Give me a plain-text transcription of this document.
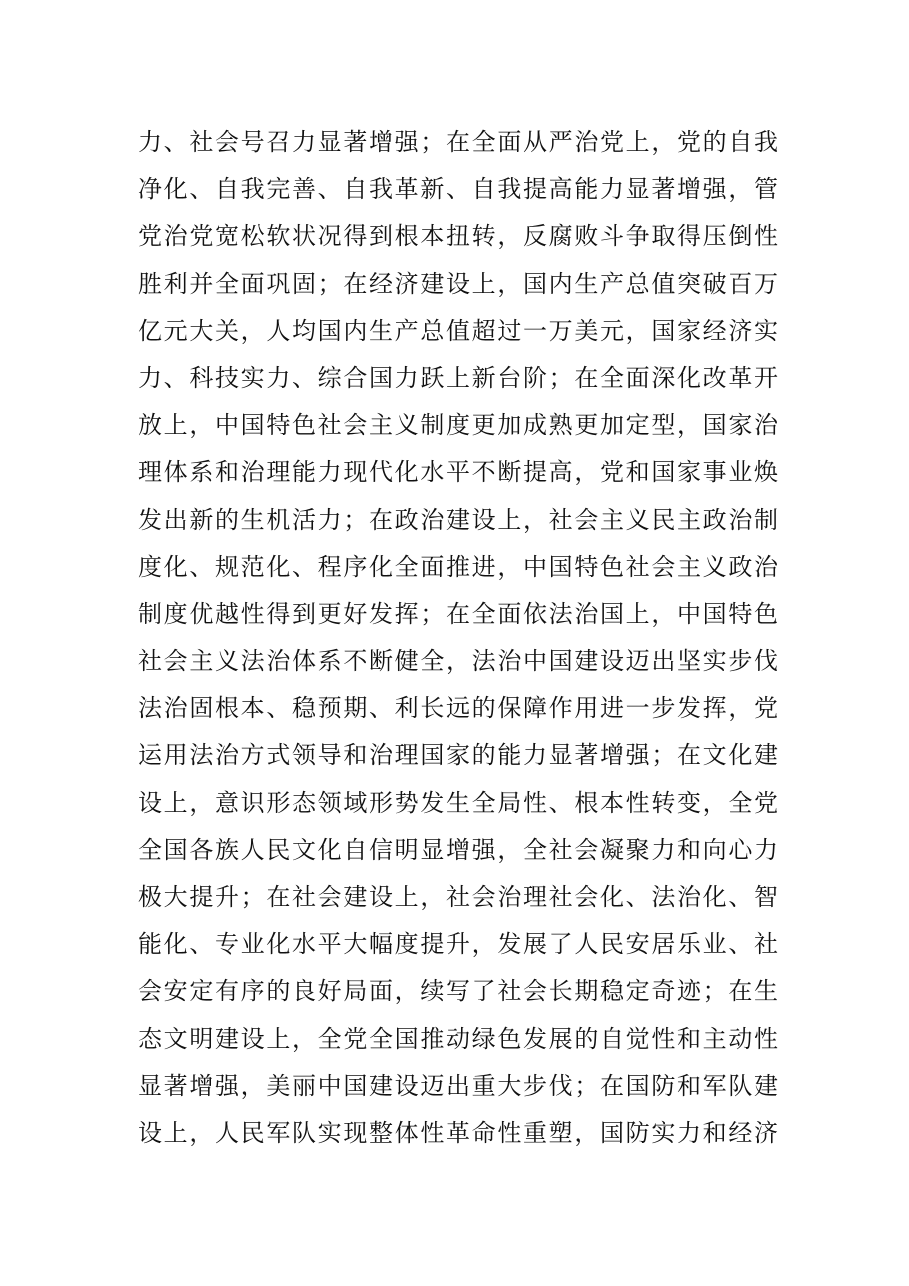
力、社会号召力显著增强；在全面从严治党上，党的自我
净化、自我完善、自我革新、自我提高能力显著增强，管
党治党宽松软状况得到根本扭转，反腐败斗争取得压倒性
胜利并全面巩固；在经济建设上，国内生产总值突破百万
亿元大关，人均国内生产总值超过一万美元，国家经济实
力、科技实力、综合国力跃上新台阶；在全面深化改革开
放上，中国特色社会主义制度更加成熟更加定型，国家治
理体系和治理能力现代化水平不断提高，党和国家事业焕
发出新的生机活力；在政治建设上，社会主义民主政治制
度化、规范化、程序化全面推进，中国特色社会主义政治
制度优越性得到更好发挥；在全面依法治国上，中国特色
社会主义法治体系不断健全，法治中国建设迈出坚实步伐
法治固根本、稳预期、利长远的保障作用进一步发挥，党
运用法治方式领导和治理国家的能力显著增强；在文化建
设上，意识形态领域形势发生全局性、根本性转变，全党
全国各族人民文化自信明显增强，全社会凝聚力和向心力
极大提升；在社会建设上，社会治理社会化、法治化、智
能化、专业化水平大幅度提升，发展了人民安居乐业、社
会安定有序的良好局面，续写了社会长期稳定奇迹；在生
态文明建设上，全党全国推动绿色发展的自觉性和主动性
显著增强，美丽中国建设迈出重大步伐；在国防和军队建
设上，人民军队实现整体性革命性重塑，国防实力和经济
